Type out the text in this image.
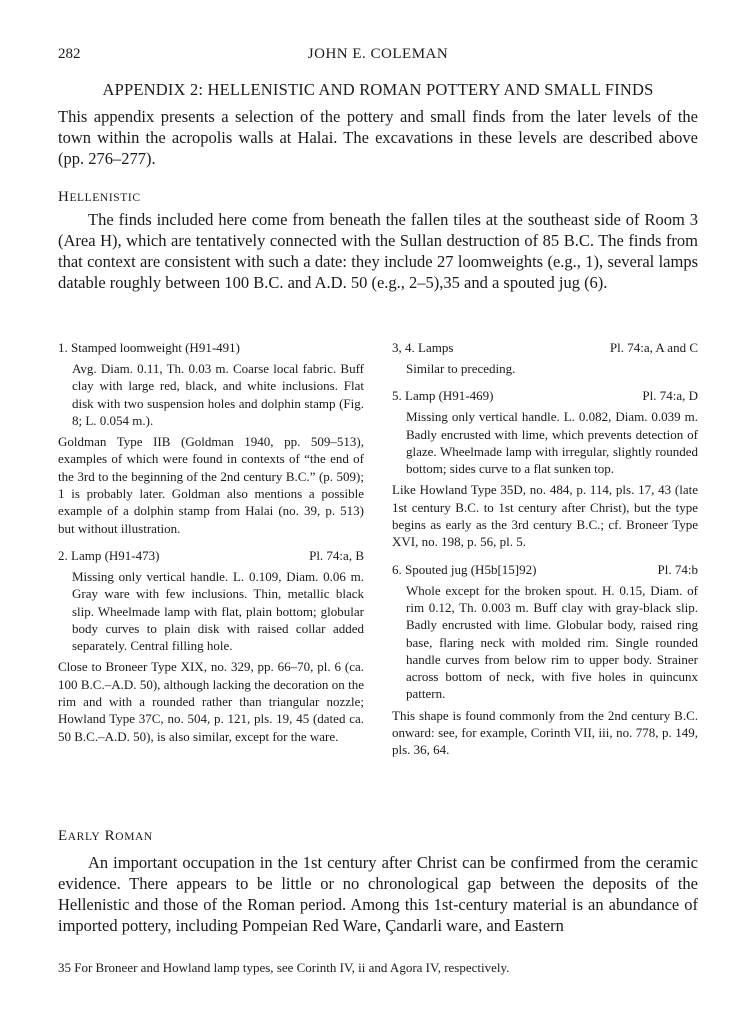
JOHN E. COLEMAN
282
APPENDIX 2: HELLENISTIC AND ROMAN POTTERY AND SMALL FINDS

This appendix presents a selection of the pottery and small finds from the later levels of the town within the acropolis walls at Halai. The excavations in these levels are described above (pp. 276–277).

HELLENISTIC

The finds included here come from beneath the fallen tiles at the southeast side of Room 3 (Area H), which are tentatively connected with the Sullan destruction of 85 B.C. The finds from that context are consistent with such a date: they include 27 loomweights (e.g., 1), several lamps datable roughly between 100 B.C. and A.D. 50 (e.g., 2–5),35 and a spouted jug (6).

1. Stamped loomweight (H91-491)
Avg. Diam. 0.11, Th. 0.03 m. Coarse local fabric. Buff clay with large red, black, and white inclusions. Flat disk with two suspension holes and dolphin stamp (Fig. 8; L. 0.054 m.).
Goldman Type IIB (Goldman 1940, pp. 509–513), examples of which were found in contexts of “the end of the 3rd to the beginning of the 2nd century B.C.” (p. 509); 1 is probably later. Goldman also mentions a possible example of a dolphin stamp from Halai (no. 39, p. 513) but without illustration.
2. Lamp (H91-473)	Pl. 74:a, B
Missing only vertical handle. L. 0.109, Diam. 0.06 m. Gray ware with few inclusions. Thin, metallic black slip. Wheelmade lamp with flat, plain bottom; globular body curves to plain disk with raised collar added separately. Central filling hole.
Close to Broneer Type XIX, no. 329, pp. 66–70, pl. 6 (ca. 100 B.C.–A.D. 50), although lacking the decoration on the rim and with a rounded rather than triangular nozzle; Howland Type 37C, no. 504, p. 121, pls. 19, 45 (dated ca. 50 B.C.–A.D. 50), is also similar, except for the ware.
3, 4. Lamps	Pl. 74:a, A and C
Similar to preceding.
5. Lamp (H91-469)	Pl. 74:a, D
Missing only vertical handle. L. 0.082, Diam. 0.039 m. Badly encrusted with lime, which prevents detection of glaze. Wheelmade lamp with irregular, slightly rounded bottom; sides curve to a flat sunken top.
Like Howland Type 35D, no. 484, p. 114, pls. 17, 43 (late 1st century B.C. to 1st century after Christ), but the type begins as early as the 3rd century B.C.; cf. Broneer Type XVI, no. 198, p. 56, pl. 5.
6. Spouted jug (H5b[15]92)	Pl. 74:b
Whole except for the broken spout. H. 0.15, Diam. of rim 0.12, Th. 0.003 m. Buff clay with gray-black slip. Badly encrusted with lime. Globular body, raised ring base, flaring neck with molded rim. Single rounded handle curves from below rim to upper body. Strainer across bottom of neck, with five holes in quincunx pattern.
This shape is found commonly from the 2nd century B.C. onward: see, for example, Corinth VII, iii, no. 778, p. 149, pls. 36, 64.
EARLY ROMAN

An important occupation in the 1st century after Christ can be confirmed from the ceramic evidence. There appears to be little or no chronological gap between the deposits of the Hellenistic and those of the Roman period. Among this 1st-century material is an abundance of imported pottery, including Pompeian Red Ware, Çandarli ware, and Eastern

35 For Broneer and Howland lamp types, see Corinth IV, ii and Agora IV, respectively.
